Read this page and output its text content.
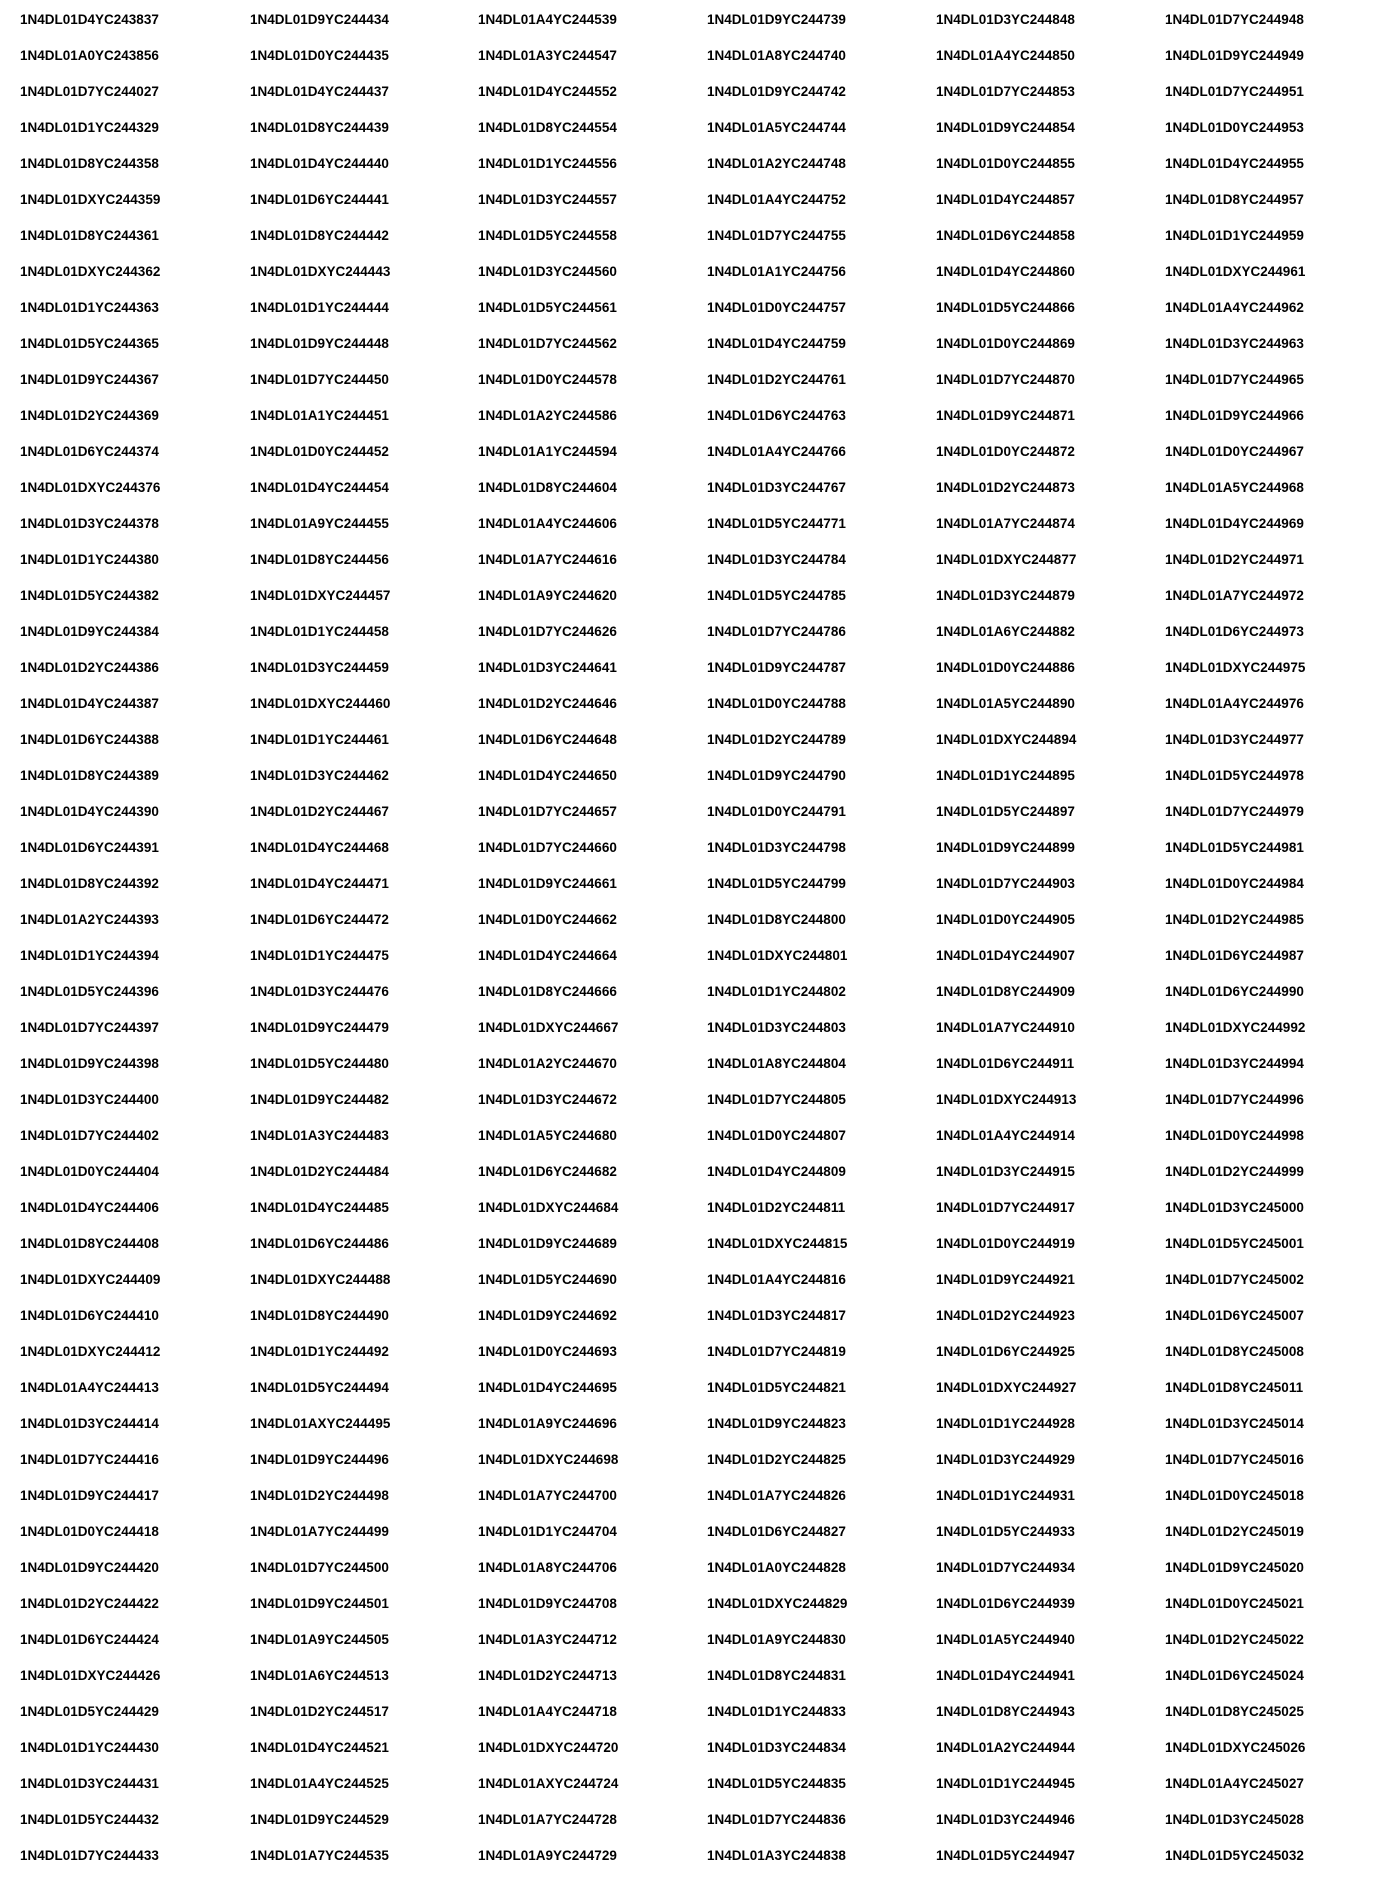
1N4DL01D4YC243837
1N4DL01A0YC243856
1N4DL01D7YC244027
1N4DL01D1YC244329
1N4DL01D8YC244358
1N4DL01DXYC244359
1N4DL01D8YC244361
1N4DL01DXYC244362
1N4DL01D1YC244363
1N4DL01D5YC244365
1N4DL01D9YC244367
1N4DL01D2YC244369
1N4DL01D6YC244374
1N4DL01DXYC244376
1N4DL01D3YC244378
1N4DL01D1YC244380
1N4DL01D5YC244382
1N4DL01D9YC244384
1N4DL01D2YC244386
1N4DL01D4YC244387
1N4DL01D6YC244388
1N4DL01D8YC244389
1N4DL01D4YC244390
1N4DL01D6YC244391
1N4DL01D8YC244392
1N4DL01A2YC244393
1N4DL01D1YC244394
1N4DL01D5YC244396
1N4DL01D7YC244397
1N4DL01D9YC244398
1N4DL01D3YC244400
1N4DL01D7YC244402
1N4DL01D0YC244404
1N4DL01D4YC244406
1N4DL01D8YC244408
1N4DL01DXYC244409
1N4DL01D6YC244410
1N4DL01DXYC244412
1N4DL01A4YC244413
1N4DL01D3YC244414
1N4DL01D7YC244416
1N4DL01D9YC244417
1N4DL01D0YC244418
1N4DL01D9YC244420
1N4DL01D2YC244422
1N4DL01D6YC244424
1N4DL01DXYC244426
1N4DL01D5YC244429
1N4DL01D1YC244430
1N4DL01D3YC244431
1N4DL01D5YC244432
1N4DL01D7YC244433
1N4DL01D9YC244434
1N4DL01D0YC244435
1N4DL01D4YC244437
1N4DL01D8YC244439
1N4DL01D4YC244440
1N4DL01D6YC244441
1N4DL01D8YC244442
1N4DL01DXYC244443
1N4DL01D1YC244444
1N4DL01D9YC244448
1N4DL01D7YC244450
1N4DL01A1YC244451
1N4DL01D0YC244452
1N4DL01D4YC244454
1N4DL01A9YC244455
1N4DL01D8YC244456
1N4DL01DXYC244457
1N4DL01D1YC244458
1N4DL01D3YC244459
1N4DL01DXYC244460
1N4DL01D1YC244461
1N4DL01D3YC244462
1N4DL01D2YC244467
1N4DL01D4YC244468
1N4DL01D4YC244471
1N4DL01D6YC244472
1N4DL01D1YC244475
1N4DL01D3YC244476
1N4DL01D9YC244479
1N4DL01D5YC244480
1N4DL01D9YC244482
1N4DL01A3YC244483
1N4DL01D2YC244484
1N4DL01D4YC244485
1N4DL01D6YC244486
1N4DL01DXYC244488
1N4DL01D8YC244490
1N4DL01D1YC244492
1N4DL01D5YC244494
1N4DL01AXYC244495
1N4DL01D9YC244496
1N4DL01D2YC244498
1N4DL01A7YC244499
1N4DL01D7YC244500
1N4DL01D9YC244501
1N4DL01A9YC244505
1N4DL01A6YC244513
1N4DL01D2YC244517
1N4DL01D4YC244521
1N4DL01A4YC244525
1N4DL01D9YC244529
1N4DL01A7YC244535
1N4DL01A4YC244539
1N4DL01A3YC244547
1N4DL01D4YC244552
1N4DL01D8YC244554
1N4DL01D1YC244556
1N4DL01D3YC244557
1N4DL01D5YC244558
1N4DL01D3YC244560
1N4DL01D5YC244561
1N4DL01D7YC244562
1N4DL01D0YC244578
1N4DL01A2YC244586
1N4DL01A1YC244594
1N4DL01D8YC244604
1N4DL01A4YC244606
1N4DL01A7YC244616
1N4DL01A9YC244620
1N4DL01D7YC244626
1N4DL01D3YC244641
1N4DL01D2YC244646
1N4DL01D6YC244648
1N4DL01D4YC244650
1N4DL01D7YC244657
1N4DL01D7YC244660
1N4DL01D9YC244661
1N4DL01D0YC244662
1N4DL01D4YC244664
1N4DL01D8YC244666
1N4DL01DXYC244667
1N4DL01A2YC244670
1N4DL01D3YC244672
1N4DL01A5YC244680
1N4DL01D6YC244682
1N4DL01DXYC244684
1N4DL01D9YC244689
1N4DL01D5YC244690
1N4DL01D9YC244692
1N4DL01D0YC244693
1N4DL01D4YC244695
1N4DL01A9YC244696
1N4DL01DXYC244698
1N4DL01A7YC244700
1N4DL01D1YC244704
1N4DL01A8YC244706
1N4DL01D9YC244708
1N4DL01A3YC244712
1N4DL01D2YC244713
1N4DL01A4YC244718
1N4DL01DXYC244720
1N4DL01AXYC244724
1N4DL01A7YC244728
1N4DL01A9YC244729
1N4DL01D9YC244739
1N4DL01A8YC244740
1N4DL01D9YC244742
1N4DL01A5YC244744
1N4DL01A2YC244748
1N4DL01A4YC244752
1N4DL01D7YC244755
1N4DL01A1YC244756
1N4DL01D0YC244757
1N4DL01D4YC244759
1N4DL01D2YC244761
1N4DL01D6YC244763
1N4DL01A4YC244766
1N4DL01D3YC244767
1N4DL01D5YC244771
1N4DL01D3YC244784
1N4DL01D5YC244785
1N4DL01D7YC244786
1N4DL01D9YC244787
1N4DL01D0YC244788
1N4DL01D2YC244789
1N4DL01D9YC244790
1N4DL01D0YC244791
1N4DL01D3YC244798
1N4DL01D5YC244799
1N4DL01D8YC244800
1N4DL01DXYC244801
1N4DL01D1YC244802
1N4DL01D3YC244803
1N4DL01A8YC244804
1N4DL01D7YC244805
1N4DL01D0YC244807
1N4DL01D4YC244809
1N4DL01D2YC244811
1N4DL01DXYC244815
1N4DL01A4YC244816
1N4DL01D3YC244817
1N4DL01D7YC244819
1N4DL01D5YC244821
1N4DL01D9YC244823
1N4DL01D2YC244825
1N4DL01A7YC244826
1N4DL01D6YC244827
1N4DL01A0YC244828
1N4DL01DXYC244829
1N4DL01A9YC244830
1N4DL01D8YC244831
1N4DL01D1YC244833
1N4DL01D3YC244834
1N4DL01D5YC244835
1N4DL01D7YC244836
1N4DL01A3YC244838
1N4DL01D3YC244848
1N4DL01A4YC244850
1N4DL01D7YC244853
1N4DL01D9YC244854
1N4DL01D0YC244855
1N4DL01D4YC244857
1N4DL01D6YC244858
1N4DL01D4YC244860
1N4DL01D5YC244866
1N4DL01D0YC244869
1N4DL01D7YC244870
1N4DL01D9YC244871
1N4DL01D0YC244872
1N4DL01D2YC244873
1N4DL01A7YC244874
1N4DL01DXYC244877
1N4DL01D3YC244879
1N4DL01A6YC244882
1N4DL01D0YC244886
1N4DL01A5YC244890
1N4DL01DXYC244894
1N4DL01D1YC244895
1N4DL01D5YC244897
1N4DL01D9YC244899
1N4DL01D7YC244903
1N4DL01D0YC244905
1N4DL01D4YC244907
1N4DL01D8YC244909
1N4DL01A7YC244910
1N4DL01D6YC244911
1N4DL01DXYC244913
1N4DL01A4YC244914
1N4DL01D3YC244915
1N4DL01D7YC244917
1N4DL01D0YC244919
1N4DL01D9YC244921
1N4DL01D2YC244923
1N4DL01D6YC244925
1N4DL01DXYC244927
1N4DL01D1YC244928
1N4DL01D3YC244929
1N4DL01D1YC244931
1N4DL01D5YC244933
1N4DL01D7YC244934
1N4DL01D6YC244939
1N4DL01A5YC244940
1N4DL01D4YC244941
1N4DL01D8YC244943
1N4DL01A2YC244944
1N4DL01D1YC244945
1N4DL01D3YC244946
1N4DL01D5YC244947
1N4DL01D7YC244948
1N4DL01D9YC244949
1N4DL01D7YC244951
1N4DL01D0YC244953
1N4DL01D4YC244955
1N4DL01D8YC244957
1N4DL01D1YC244959
1N4DL01DXYC244961
1N4DL01A4YC244962
1N4DL01D3YC244963
1N4DL01D7YC244965
1N4DL01D9YC244966
1N4DL01D0YC244967
1N4DL01A5YC244968
1N4DL01D4YC244969
1N4DL01D2YC244971
1N4DL01A7YC244972
1N4DL01D6YC244973
1N4DL01DXYC244975
1N4DL01A4YC244976
1N4DL01D3YC244977
1N4DL01D5YC244978
1N4DL01D7YC244979
1N4DL01D5YC244981
1N4DL01D0YC244984
1N4DL01D2YC244985
1N4DL01D6YC244987
1N4DL01D6YC244990
1N4DL01DXYC244992
1N4DL01D3YC244994
1N4DL01D7YC244996
1N4DL01D0YC244998
1N4DL01D2YC244999
1N4DL01D3YC245000
1N4DL01D5YC245001
1N4DL01D7YC245002
1N4DL01D6YC245007
1N4DL01D8YC245008
1N4DL01D8YC245011
1N4DL01D3YC245014
1N4DL01D7YC245016
1N4DL01D0YC245018
1N4DL01D2YC245019
1N4DL01D9YC245020
1N4DL01D0YC245021
1N4DL01D2YC245022
1N4DL01D6YC245024
1N4DL01D8YC245025
1N4DL01DXYC245026
1N4DL01A4YC245027
1N4DL01D3YC245028
1N4DL01D5YC245032
